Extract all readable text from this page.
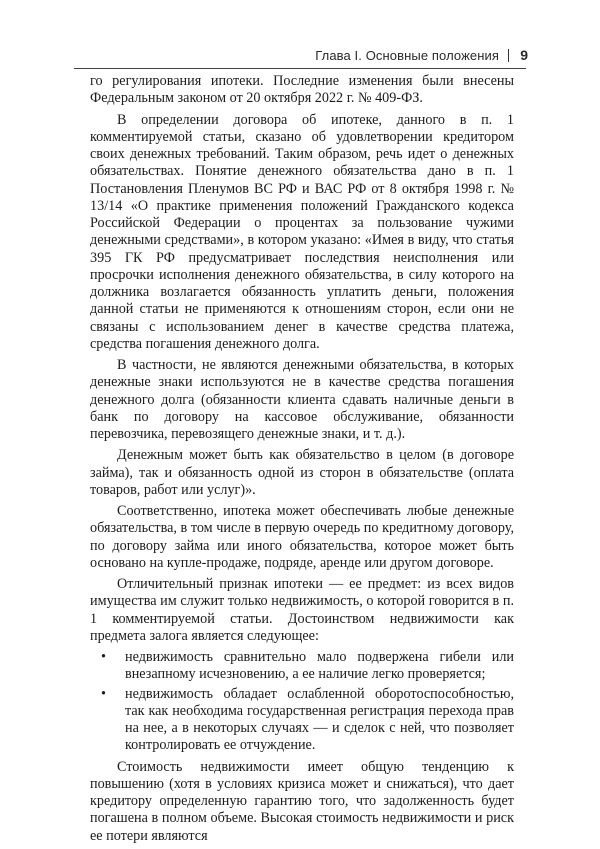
Глава I. Основные положения 9

го регулирования ипотеки. Последние изменения были внесены Федеральным законом от 20 октября 2022 г. № 409-ФЗ.

В определении договора об ипотеке, данного в п. 1 комментируемой статьи, сказано об удовлетворении кредитором своих денежных требований. Таким образом, речь идет о денежных обязательствах. Понятие денежного обязательства дано в п. 1 Постановления Пленумов ВС РФ и ВАС РФ от 8 октября 1998 г. № 13/14 «О практике применения положений Гражданского кодекса Российской Федерации о процентах за пользование чужими денежными средствами», в котором указано: «Имея в виду, что статья 395 ГК РФ предусматривает последствия неисполнения или просрочки исполнения денежного обязательства, в силу которого на должника возлагается обязанность уплатить деньги, положения данной статьи не применяются к отношениям сторон, если они не связаны с использованием денег в качестве средства платежа, средства погашения денежного долга.

В частности, не являются денежными обязательства, в которых денежные знаки используются не в качестве средства погашения денежного долга (обязанности клиента сдавать наличные деньги в банк по договору на кассовое обслуживание, обязанности перевозчика, перевозящего денежные знаки, и т. д.).

Денежным может быть как обязательство в целом (в договоре займа), так и обязанность одной из сторон в обязательстве (оплата товаров, работ или услуг)».

Соответственно, ипотека может обеспечивать любые денежные обязательства, в том числе в первую очередь по кредитному договору, по договору займа или иного обязательства, которое может быть основано на купле-продаже, подряде, аренде или другом договоре.

Отличительный признак ипотеки — ее предмет: из всех видов имущества им служит только недвижимость, о которой говорится в п. 1 комментируемой статьи. Достоинством недвижимости как предмета залога является следующее:

• недвижимость сравнительно мало подвержена гибели или внезапному исчезновению, а ее наличие легко проверяется;
• недвижимость обладает ослабленной оборотоспособностью, так как необходима государственная регистрация перехода прав на нее, а в некоторых случаях — и сделок с ней, что позволяет контролировать ее отчуждение.

Стоимость недвижимости имеет общую тенденцию к повышению (хотя в условиях кризиса может и снижаться), что дает кредитору определенную гарантию того, что задолженность будет погашена в полном объеме. Высокая стоимость недвижимости и риск ее потери являются
